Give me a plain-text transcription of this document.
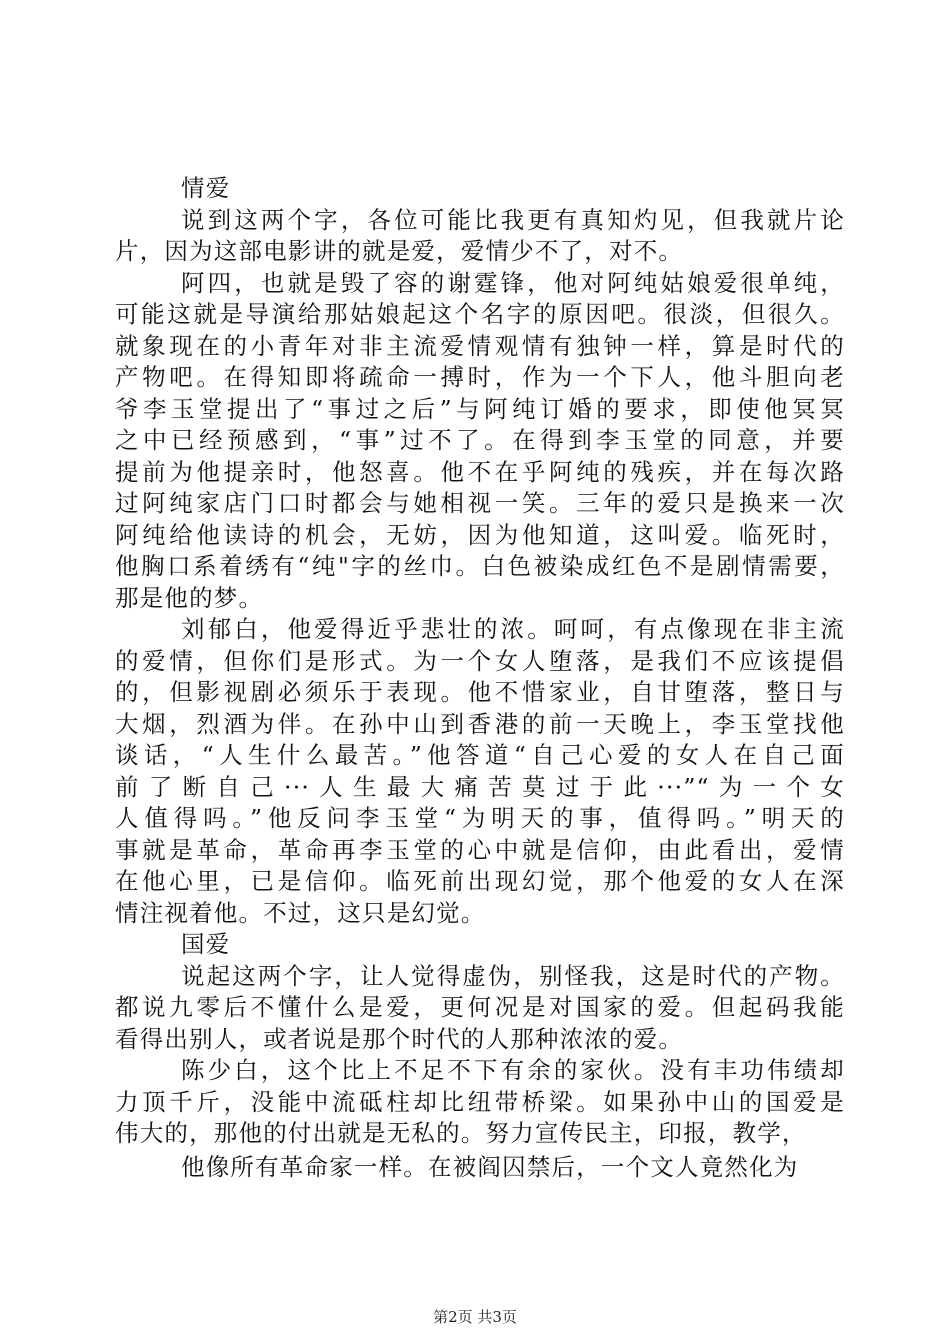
情爱
说到这两个字，各位可能比我更有真知灼见，但我就片论
片，因为这部电影讲的就是爱，爱情少不了，对不。
阿四，也就是毁了容的谢霆锋，他对阿纯姑娘爱很单纯，
可能这就是导演给那姑娘起这个名字的原因吧。很淡，但很久。
就象现在的小青年对非主流爱情观情有独钟一样，算是时代的
产物吧。在得知即将疏命一搏时，作为一个下人，他斗胆向老
爷李玉堂提出了“事过之后”与阿纯订婚的要求，即使他冥冥
之中已经预感到，“事”过不了。在得到李玉堂的同意，并要
提前为他提亲时，他怒喜。他不在乎阿纯的残疾，并在每次路
过阿纯家店门口时都会与她相视一笑。三年的爱只是换来一次
阿纯给他读诗的机会，无妨，因为他知道，这叫爱。临死时，
他胸口系着绣有“纯"字的丝巾。白色被染成红色不是剧情需要，
那是他的梦。
刘郁白，他爱得近乎悲壮的浓。呵呵，有点像现在非主流
的爱情，但你们是形式。为一个女人堕落，是我们不应该提倡
的，但影视剧必须乐于表现。他不惜家业，自甘堕落，整日与
大烟，烈酒为伴。在孙中山到香港的前一天晚上，李玉堂找他
谈话，“人生什么最苦。”他答道“自己心爱的女人在自己面
前了断自己···人生最大痛苦莫过于此···”“为一个女
人值得吗。”他反问李玉堂“为明天的事，值得吗。”明天的
事就是革命，革命再李玉堂的心中就是信仰，由此看出，爱情
在他心里，已是信仰。临死前出现幻觉，那个他爱的女人在深
情注视着他。不过，这只是幻觉。
国爱
说起这两个字，让人觉得虚伪，别怪我，这是时代的产物。
都说九零后不懂什么是爱，更何况是对国家的爱。但起码我能
看得出别人，或者说是那个时代的人那种浓浓的爱。
陈少白，这个比上不足不下有余的家伙。没有丰功伟绩却
力顶千斤，没能中流砥柱却比纽带桥梁。如果孙中山的国爱是
伟大的，那他的付出就是无私的。努力宣传民主，印报，教学，
他像所有革命家一样。在被阎囚禁后，一个文人竟然化为
第2页 共3页
